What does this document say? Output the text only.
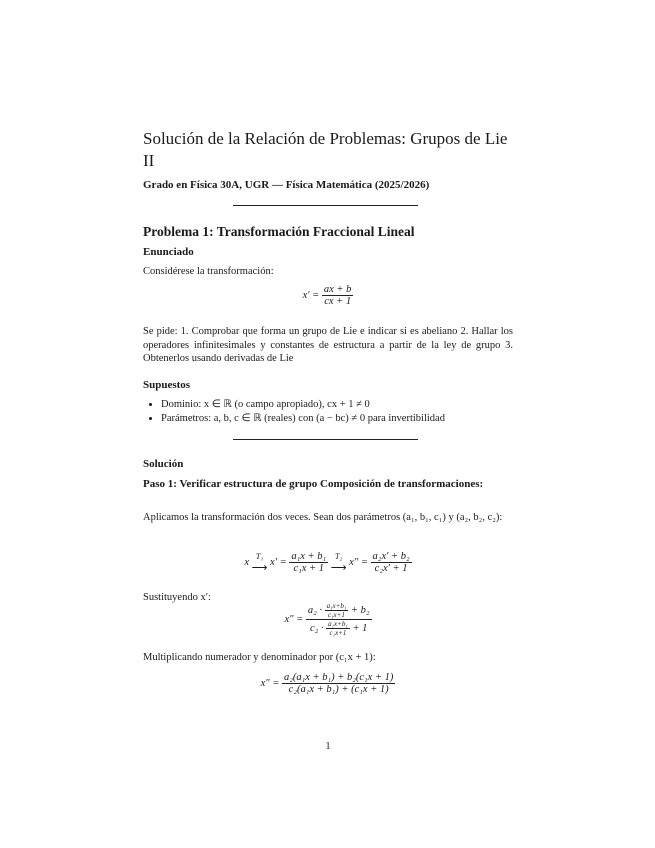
Solución de la Relación de Problemas: Grupos de Lie II
Grado en Física 30A, UGR — Física Matemática (2025/2026)
Problema 1: Transformación Fraccional Lineal
Enunciado
Considérese la transformación:
$x' = \frac{ax + b}{cx + 1}$
Se pide: 1. Comprobar que forma un grupo de Lie e indicar si es abeliano 2. Hallar los operadores infinitesimales y constantes de estructura a partir de la ley de grupo 3. Obtenerlos usando derivadas de Lie
Supuestos
• Dominio: x ∈ ℝ (o campo apropiado), cx + 1 ≠ 0
• Parámetros: a, b, c ∈ ℝ (reales) con (a − bc) ≠ 0 para invertibilidad
Solución
Paso 1: Verificar estructura de grupo Composición de transformaciones:
Aplicamos la transformación dos veces. Sean dos parámetros (a₁, b₁, c₁) y (a₂, b₂, c₂):
x
T₁
⟶ $x' = \frac{\text{a₁x + b₁}}{\text{c₁x + 1}}$
T₂
⟶ $x'' = \frac{\text{a₂x′ + b₂}}{\text{c₂x′ + 1}}$
Sustituyendo x′:
x″ =
$a_2 \cdot \frac{\text{a₁x+b₁}}{\text{c₁x+1}} + b_2$
$c_2 \cdot \frac{\text{a₁x+b₁}}{\text{c₁x+1}} + 1$
Multiplicando numerador y denominador por (c₁x + 1):
$x'' = \frac{\text{a₂(a₁x + b₁) + b₂(c₁x + 1)}}{\text{c₂(a₁x + b₁) + (c₁x + 1)}}$
1
